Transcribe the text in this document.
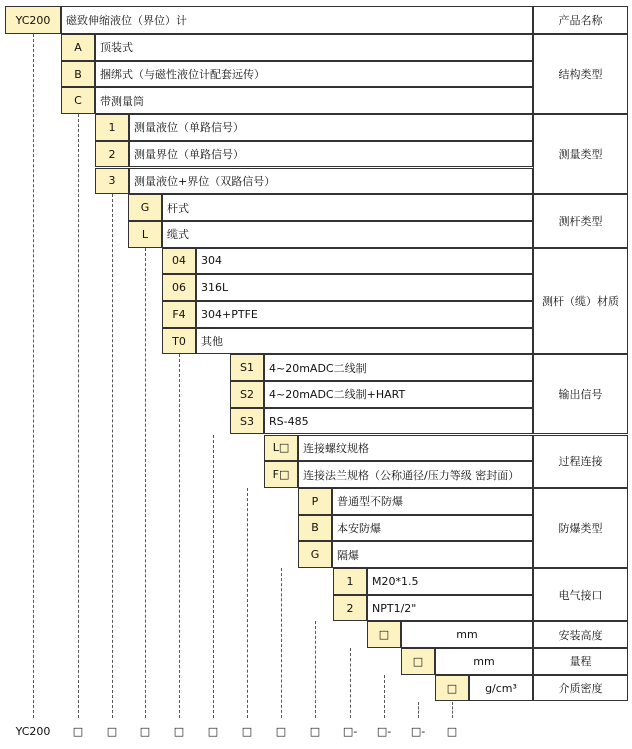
YC200	磁致伸缩液位（界位）计	产品名称
A	顶装式
B	捆绑式（与磁性液位计配套远传）
C	带测量筒
结构类型
1	测量液位（单路信号）
2	测量界位（单路信号）
3	测量液位+界位（双路信号）
测量类型
G	杆式
L	缆式
测杆类型
04	304
06	316L
F4	304+PTFE
T0	其他
测杆（缆）材质
S1	4~20mADC二线制
S2	4~20mADC二线制+HART
S3	RS-485
输出信号
L□	连接螺纹规格
F□	连接法兰规格（公称通径/压力等级 密封面）
过程连接
P	普通型不防爆
B	本安防爆
G	隔爆
防爆类型
1	M20*1.5
2	NPT1/2"
电气接口
□	mm	安装高度
□	mm	量程
□	g/cm³	介质密度
YC200	□	□	□	□	□	□	□	□	□-	□-	□-	□
